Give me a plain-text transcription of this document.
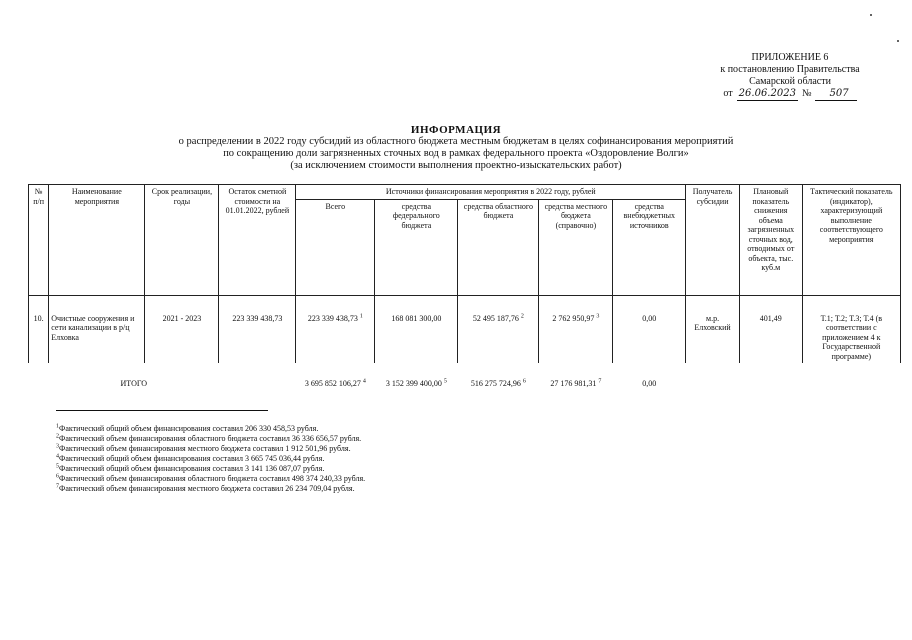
ПРИЛОЖЕНИЕ 6
к постановлению Правительства
Самарской области
от 26.06.2023 №	507
ИНФОРМАЦИЯ
о распределении в 2022 году субсидий из областного бюджета местным бюджетам в целях софинансирования мероприятий
по сокращению доли загрязненных сточных вод в рамках федерального проекта «Оздоровление Волги»
(за исключением стоимости выполнения проектно-изыскательских работ)
№ п/п	Наименование мероприятия	Срок реализации, годы	Остаток сметной стоимости на 01.01.2022, рублей	Источники финансирования мероприятия в 2022 году, рублей					Получатель субсидии	Плановый показатель снижения объема загрязненных сточных вод, отводимых от объекта, тыс. куб.м	Тактический показатель (индикатор), характеризующий выполнение соответствующего мероприятия
				Всего	средства федерального бюджета	средства областного бюджета	средства местного бюджета (справочно)	средства внебюджетных источников			
10.	Очистные сооружения и сети канализации в р/ц Елховка	2021 - 2023	223 339 438,73	223 339 438,73 $^1$	168 081 300,00	52 495 187,76 $^2$	2 762 950,97 $^3$	0,00	м.р. Елховский	401,49	Т.1; Т.2; Т.3; Т.4 (в соответствии с приложением 4 к Государственной программе)
	ИТОГО			3 695 852 106,27 $^4$	3 152 399 400,00 $^5$	516 275 724,96 $^6$	27 176 981,31 $^7$	0,00			
$^1$Фактический общий объем финансирования составил 206 330 458,53 рубля.
$^2$Фактический объем финансирования областного бюджета составил 36 336 656,57 рубля.
$^3$Фактический объем финансирования местного бюджета составил 1 912 501,96 рубля.
$^4$Фактический общий объем финансирования составил 3 665 745 036,44 рубля.
$^5$Фактический общий объем финансирования составил 3 141 136 087,07 рубля.
$^6$Фактический объем финансирования областного бюджета составил 498 374 240,33 рубля.
$^7$Фактический объем финансирования местного бюджета составил 26 234 709,04 рубля.
